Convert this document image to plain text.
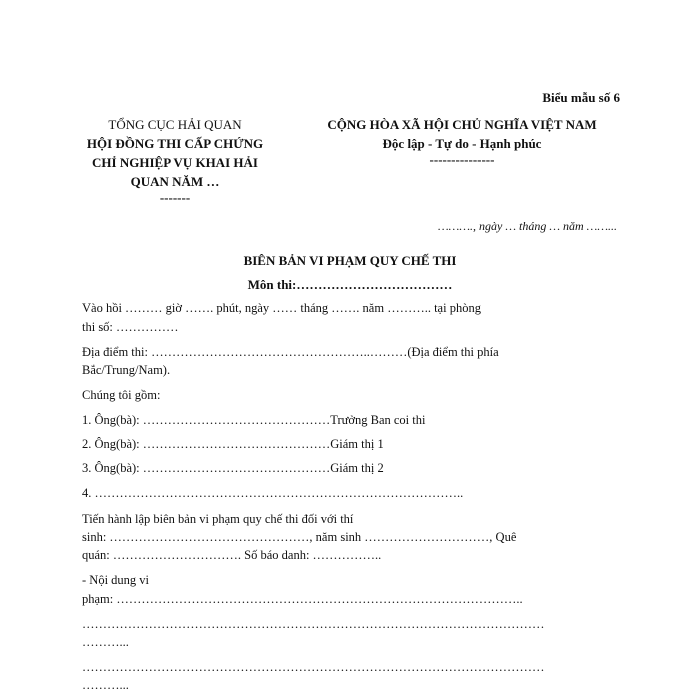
Biểu mẫu số 6
TỔNG CỤC HẢI QUAN
HỘI ĐỒNG THI CẤP CHỨNG
CHỈ NGHIỆP VỤ KHAI HẢI
QUAN NĂM …
-------
CỘNG HÒA XÃ HỘI CHỦ NGHĨA VIỆT NAM
Độc lập - Tự do - Hạnh phúc
---------------
………., ngày … tháng … năm ……...
BIÊN BẢN VI PHẠM QUY CHẾ THI
Môn thi:………………………………
Vào hồi ……… giờ ……. phút, ngày …… tháng ……. năm ……….. tại phòng
thi số: ……………
Địa điểm thi: ……………………………………………..………(Địa điểm thi phía
Bắc/Trung/Nam).
Chúng tôi gồm:
1. Ông(bà): ………………………………………Trưởng Ban coi thi
2. Ông(bà): ………………………………………Giám thị 1
3. Ông(bà): ………………………………………Giám thị 2
4. ……………………………………………………………………………..
Tiến hành lập biên bản vi phạm quy chế thi đối với thí
sinh: …………………………………………, năm sinh …………………………, Quê
quán: …………………………. Số báo danh: ……………..
- Nội dung vi
phạm: ……………………………………………………………………………………..
…………………………………………………………………………………………………
………...
…………………………………………………………………………………………………
………...
